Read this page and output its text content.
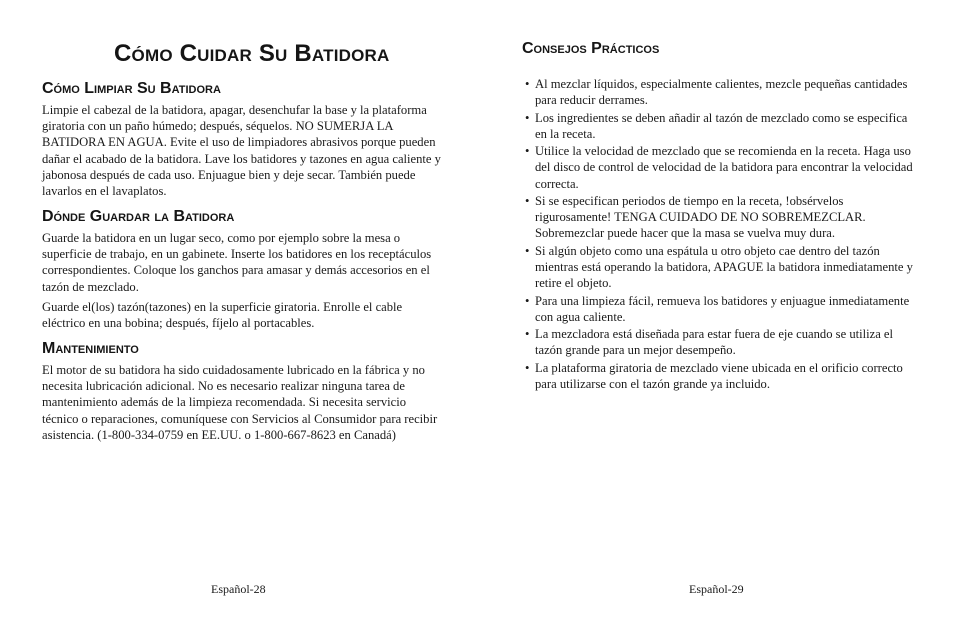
Cómo Cuidar Su Batidora
Cómo Limpiar Su Batidora

Limpie el cabezal de la batidora, apagar, desenchufar la base y la plataforma giratoria con un paño húmedo; después, séquelos. NO SUMERJA LA BATIDORA EN AGUA. Evite el uso de limpiadores abrasivos porque pueden dañar el acabado de la batidora. Lave los batidores y tazones en agua caliente y jabonosa después de cada uso. Enjuague bien y deje secar. También puede lavarlos en el lavaplatos.

Dónde Guardar la Batidora

Guarde la batidora en un lugar seco, como por ejemplo sobre la mesa o superficie de trabajo, en un gabinete. Inserte los batidores en los receptáculos correspondientes. Coloque los ganchos para amasar y demás accesorios en el tazón de mezclado.

Guarde el(los) tazón(tazones) en la superficie giratoria. Enrolle el cable eléctrico en una bobina; después, fíjelo al portacables.

Mantenimiento

El motor de su batidora ha sido cuidadosamente lubricado en la fábrica y no necesita lubricación adicional. No es necesario realizar ninguna tarea de mantenimiento además de la limpieza recomendada. Si necesita servicio técnico o reparaciones, comuníquese con Servicios al Consumidor para recibir asistencia. (1-800-334-0759 en EE.UU. o 1-800-667-8623 en Canadá)

Español-28
Consejos Prácticos
• Al mezclar líquidos, especialmente calientes, mezcle pequeñas cantidades para reducir derrames.
• Los ingredientes se deben añadir al tazón de mezclado como se especifica en la receta.
• Utilice la velocidad de mezclado que se recomienda en la receta. Haga uso del disco de control de velocidad de la batidora para encontrar la velocidad correcta.
• Si se especifican periodos de tiempo en la receta, !obsérvelos rigurosamente! TENGA CUIDADO DE NO SOBREMEZCLAR. Sobremezclar puede hacer que la masa se vuelva muy dura.
• Si algún objeto como una espátula u otro objeto cae dentro del tazón mientras está operando la batidora, APAGUE la batidora inmediatamente y retire el objeto.
• Para una limpieza fácil, remueva los batidores y enjuague inmediatamente con agua caliente.
• La mezcladora está diseñada para estar fuera de eje cuando se utiliza el tazón grande para un mejor desempeño.
• La plataforma giratoria de mezclado viene ubicada en el orificio correcto para utilizarse con el tazón grande ya incluido.
Español-29
